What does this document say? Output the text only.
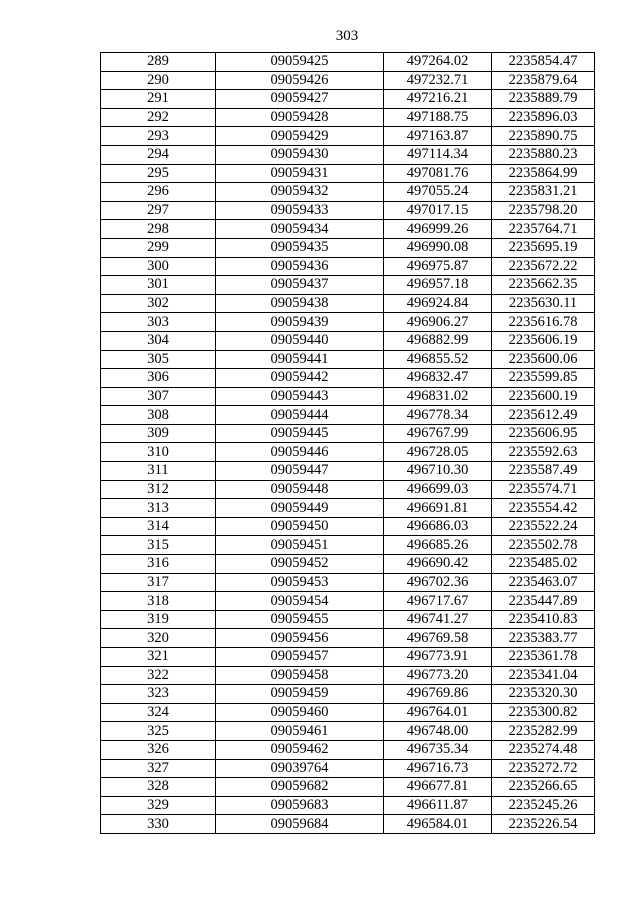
303
289	09059425	497264.02	2235854.47
290	09059426	497232.71	2235879.64
291	09059427	497216.21	2235889.79
292	09059428	497188.75	2235896.03
293	09059429	497163.87	2235890.75
294	09059430	497114.34	2235880.23
295	09059431	497081.76	2235864.99
296	09059432	497055.24	2235831.21
297	09059433	497017.15	2235798.20
298	09059434	496999.26	2235764.71
299	09059435	496990.08	2235695.19
300	09059436	496975.87	2235672.22
301	09059437	496957.18	2235662.35
302	09059438	496924.84	2235630.11
303	09059439	496906.27	2235616.78
304	09059440	496882.99	2235606.19
305	09059441	496855.52	2235600.06
306	09059442	496832.47	2235599.85
307	09059443	496831.02	2235600.19
308	09059444	496778.34	2235612.49
309	09059445	496767.99	2235606.95
310	09059446	496728.05	2235592.63
311	09059447	496710.30	2235587.49
312	09059448	496699.03	2235574.71
313	09059449	496691.81	2235554.42
314	09059450	496686.03	2235522.24
315	09059451	496685.26	2235502.78
316	09059452	496690.42	2235485.02
317	09059453	496702.36	2235463.07
318	09059454	496717.67	2235447.89
319	09059455	496741.27	2235410.83
320	09059456	496769.58	2235383.77
321	09059457	496773.91	2235361.78
322	09059458	496773.20	2235341.04
323	09059459	496769.86	2235320.30
324	09059460	496764.01	2235300.82
325	09059461	496748.00	2235282.99
326	09059462	496735.34	2235274.48
327	09039764	496716.73	2235272.72
328	09059682	496677.81	2235266.65
329	09059683	496611.87	2235245.26
330	09059684	496584.01	2235226.54
